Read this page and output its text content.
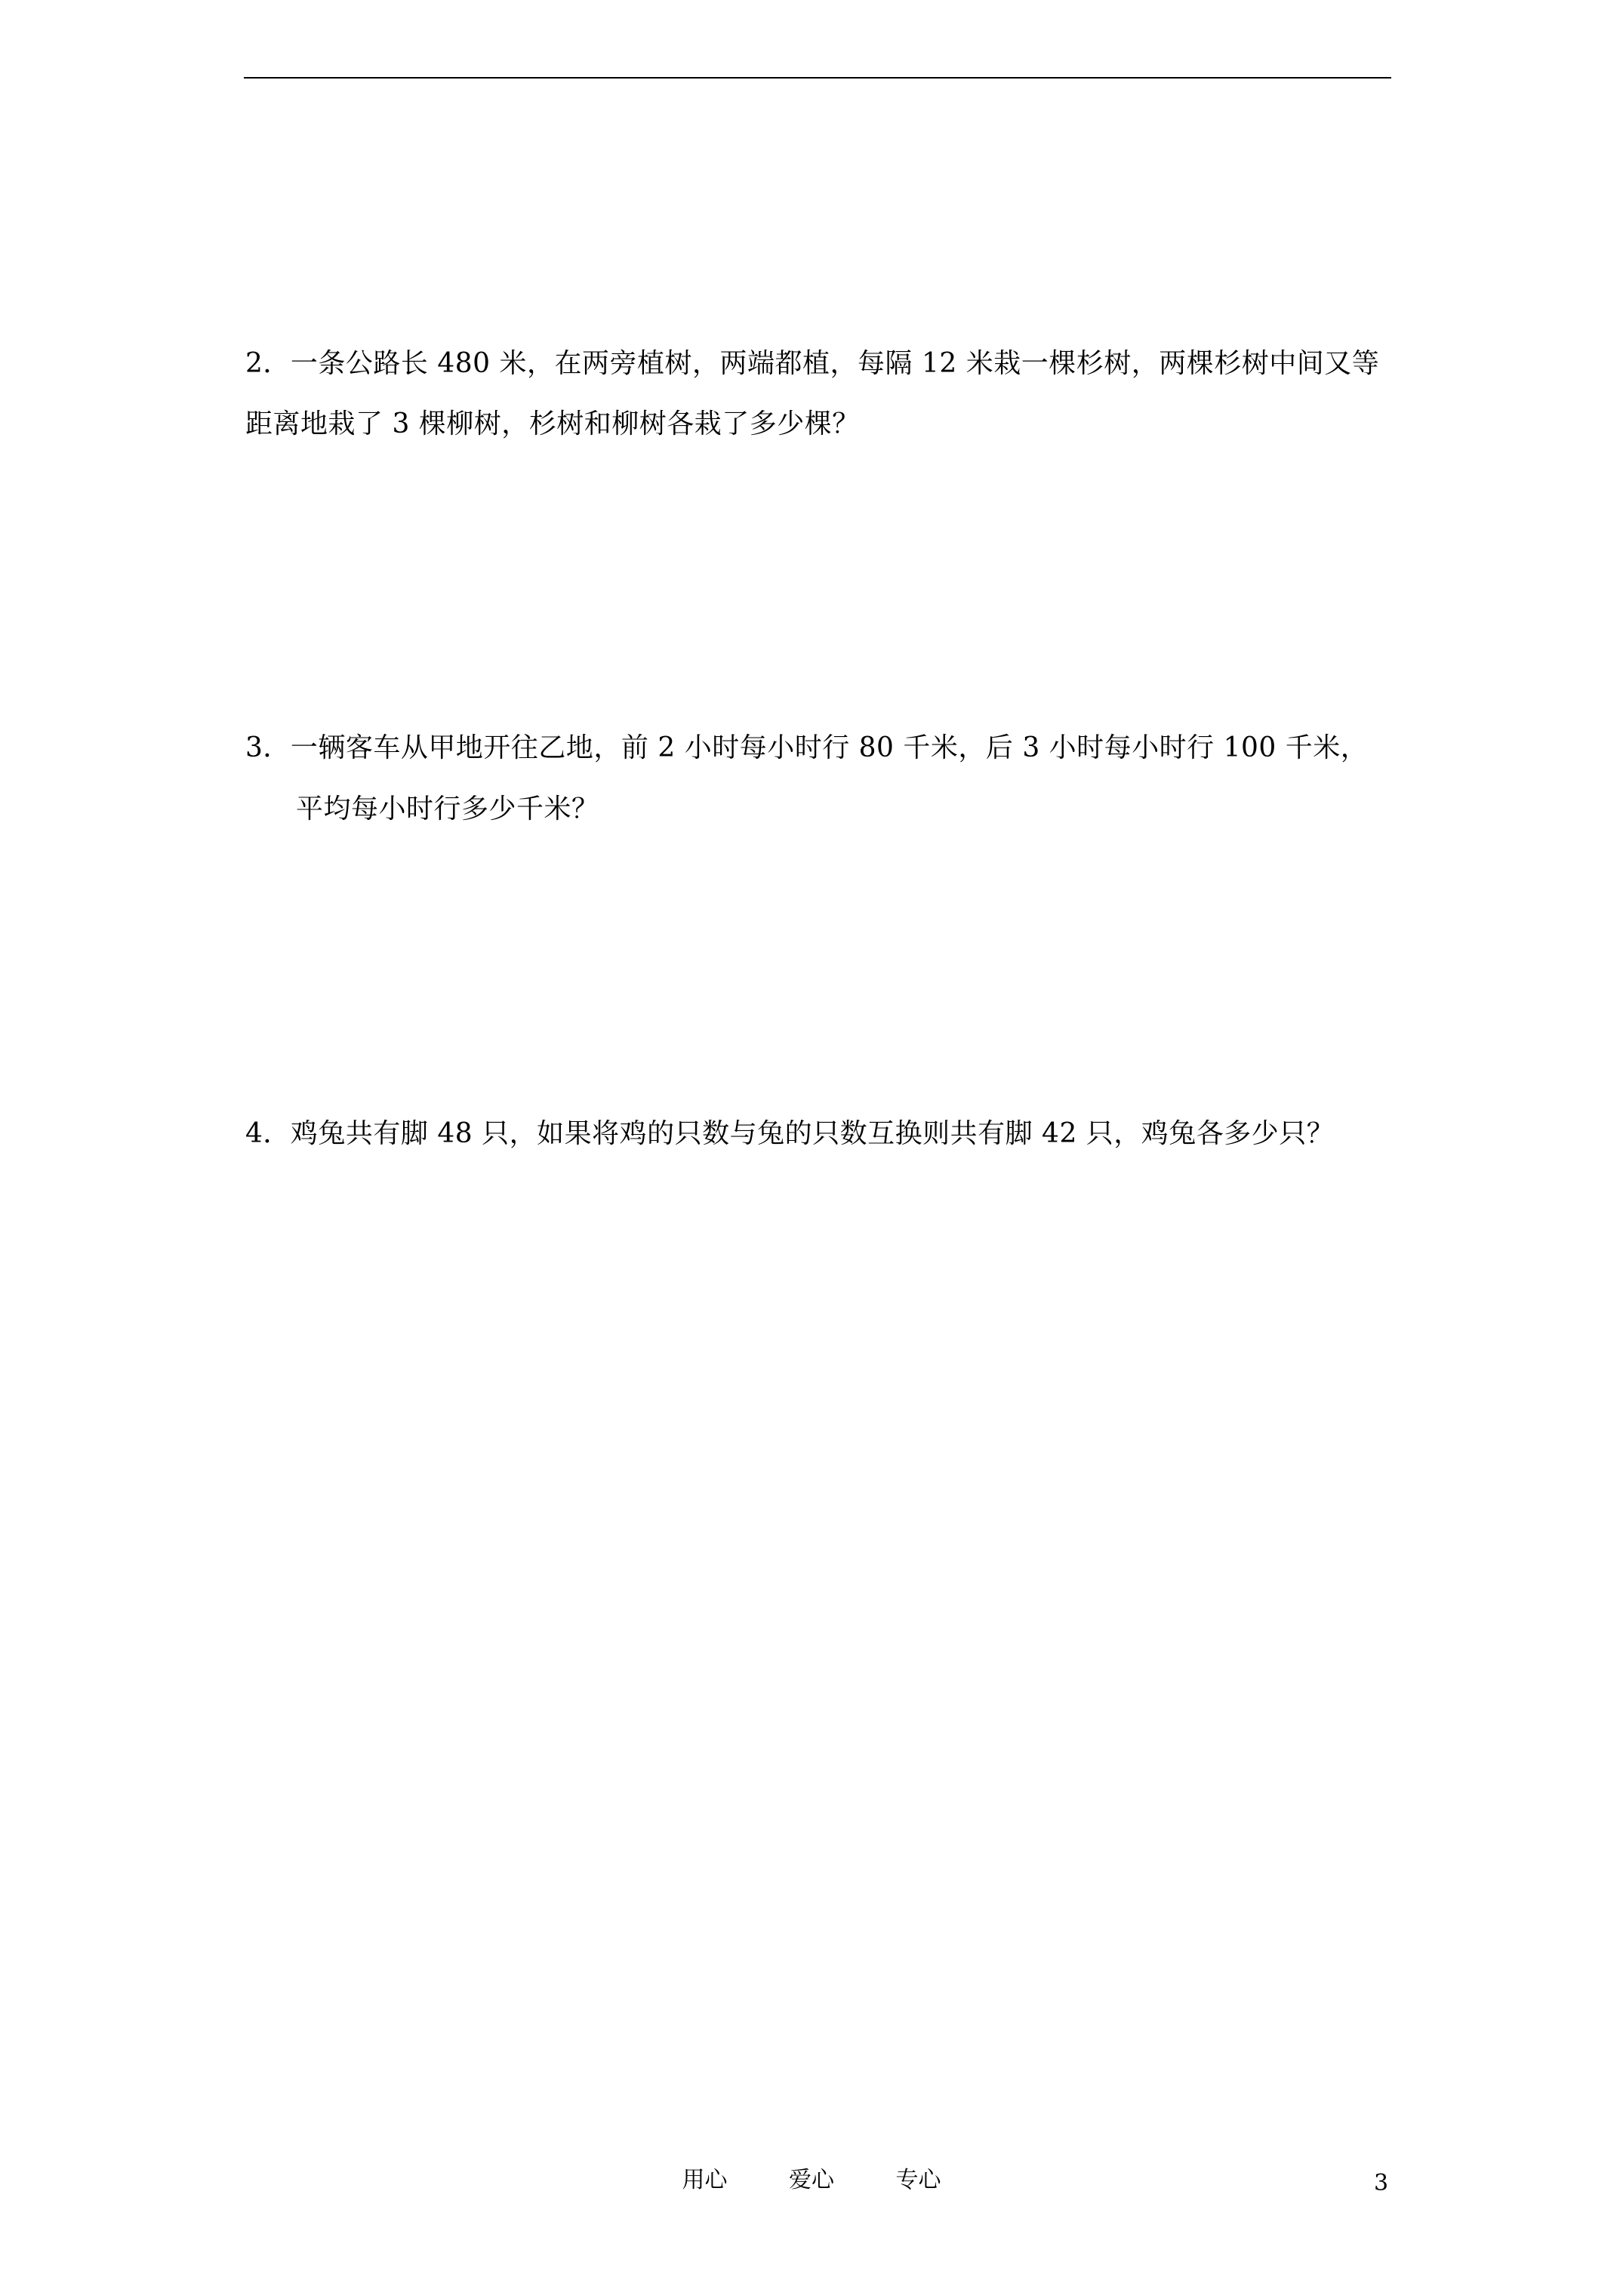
2．一条公路长 480 米，在两旁植树，两端都植，每隔 12 米栽一棵杉树，两棵杉树中间又等
距离地栽了 3 棵柳树，杉树和柳树各栽了多少棵？
3．一辆客车从甲地开往乙地，前 2 小时每小时行 80 千米，后 3 小时每小时行 100 千米，
平均每小时行多少千米？
4．鸡兔共有脚 48 只，如果将鸡的只数与兔的只数互换则共有脚 42 只，鸡兔各多少只？
用心	爱心	专心	3
